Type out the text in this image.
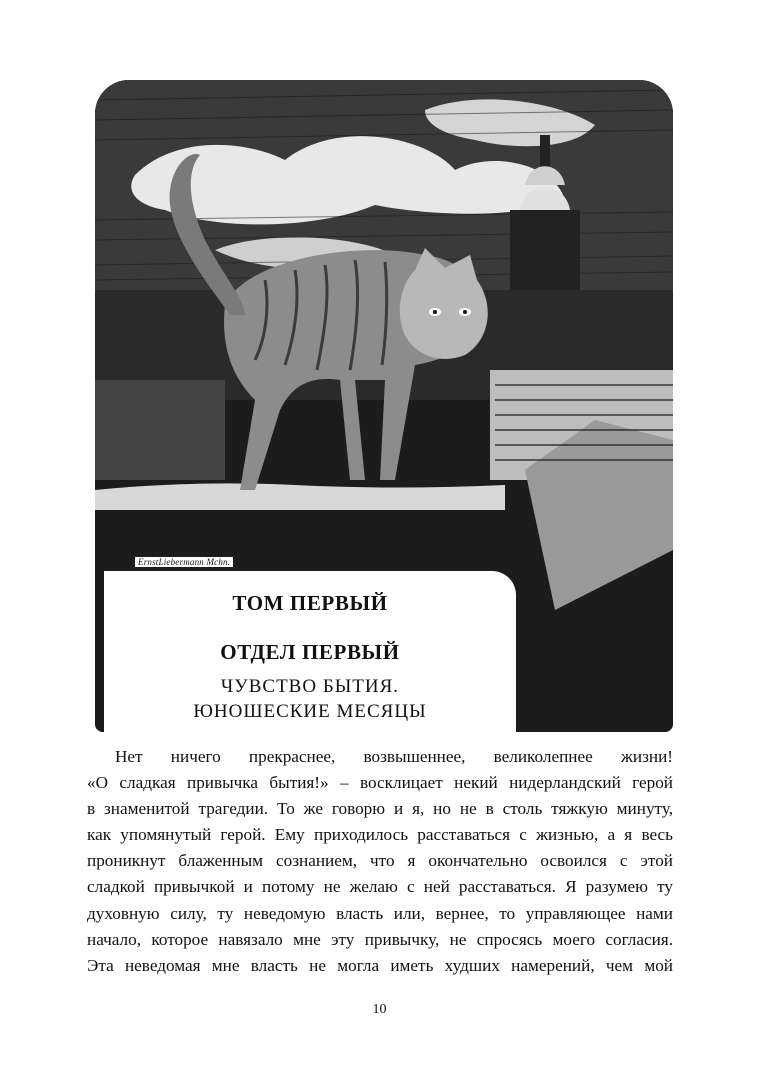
ErnstLiebermann Mchn.
ТОМ ПЕРВЫЙ
ОТДЕЛ ПЕРВЫЙ
ЧУВСТВО БЫТИЯ.
ЮНОШЕСКИЕ МЕСЯЦЫ
Нет ничего прекраснее, возвышеннее, великолепнее жизни!
«О сладкая привычка бытия!» – восклицает некий нидерландский герой
в знаменитой трагедии. То же говорю и я, но не в столь тяжкую минуту,
как упомянутый герой. Ему приходилось расставаться с жизнью, а я весь
проникнут блаженным сознанием, что я окончательно освоился с этой
сладкой привычкой и потому не желаю с ней расставаться. Я разумею ту
духовную силу, ту неведомую власть или, вернее, то управляющее нами
начало, которое навязало мне эту привычку, не спросясь моего согласия.
Эта неведомая мне власть не могла иметь худших намерений, чем мой
10
